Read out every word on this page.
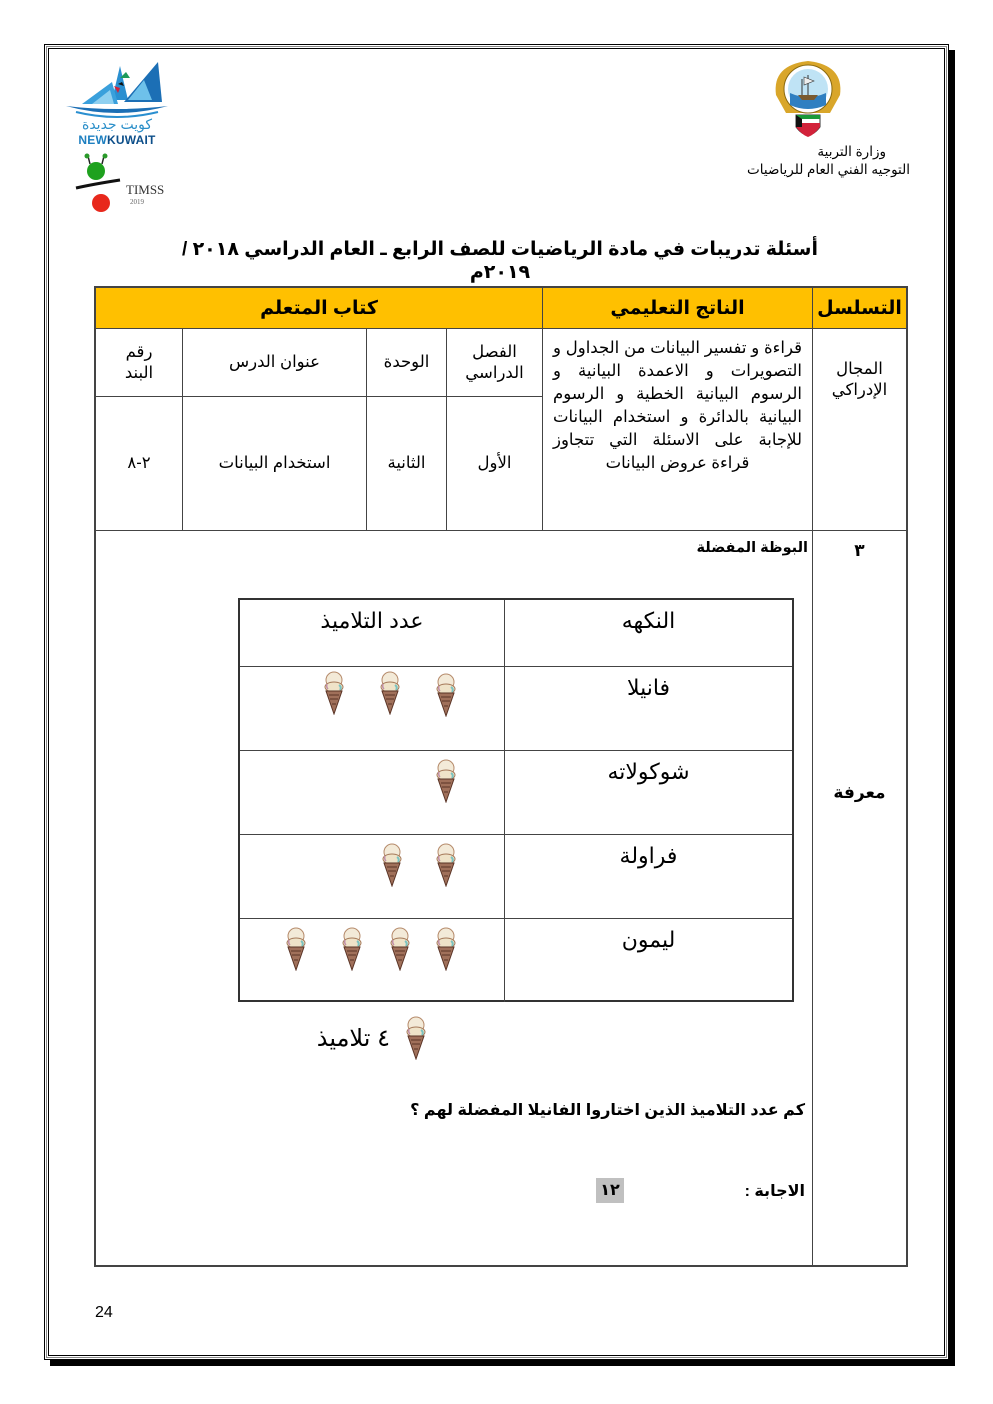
كويت جديدة
NEWKUWAIT
TIMSS
2019
وزارة التربية
التوجيه الفني العام للرياضيات
أسئلة تدريبات في مادة الرياضيات للصف الرابع ـ العام الدراسي ٢٠١٨ / ٢٠١٩م
التسلسل
الناتج التعليمي
كتاب المتعلم
المجال الإدراكي
قراءة و تفسير البيانات من الجداول و التصويرات و الاعمدة البيانية و الرسوم البيانية الخطية و الرسوم البيانية بالدائرة و استخدام البيانات للإجابة على الاسئلة التي تتجاوز قراءة عروض البيانات
الفصل الدراسي
الوحدة
عنوان الدرس
رقم البند
الأول
الثانية
استخدام البيانات
٢-٨
٣
معرفة
البوظة المفضلة
النكهه
عدد التلاميذ
فانيلا
شوكولاته
فراولة
ليمون
٤ تلاميذ
كم عدد التلاميذ الذين اختاروا الفانيلا المفضلة لهم ؟
الاجابة :
١٢
24
